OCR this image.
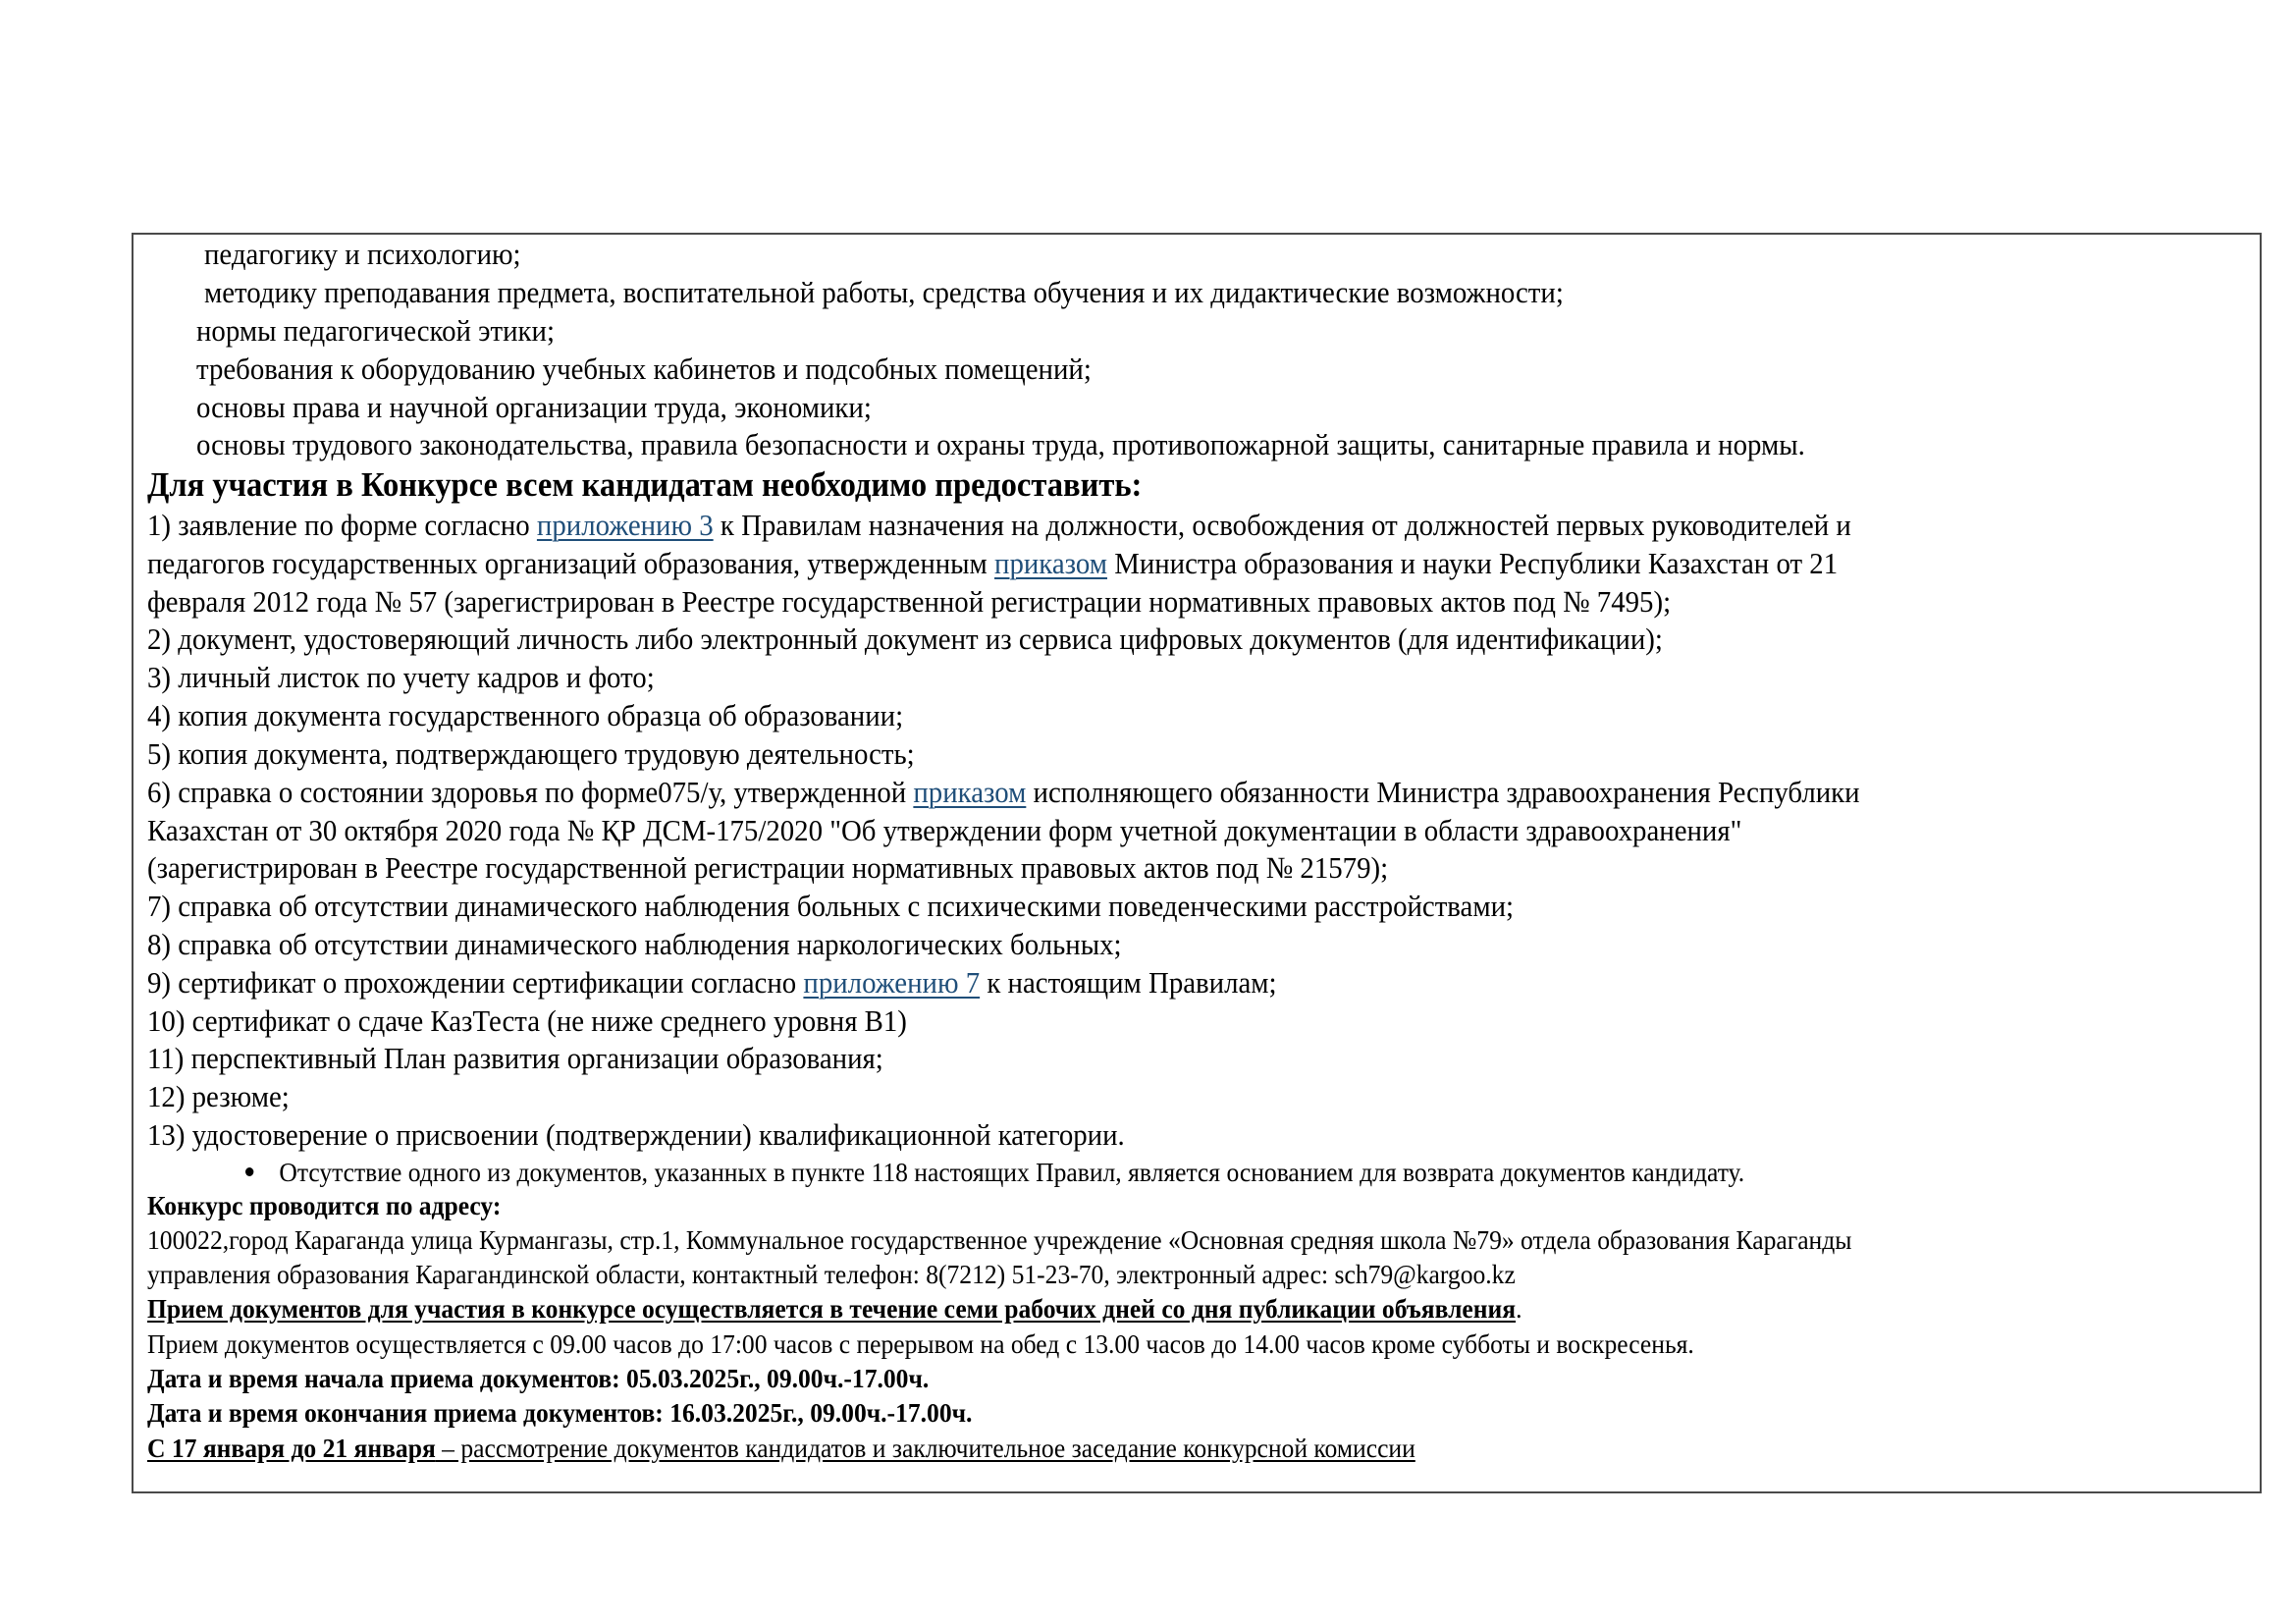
педагогику и психологию;
методику преподавания предмета, воспитательной работы, средства обучения и их дидактические возможности;
нормы педагогической этики;
требования к оборудованию учебных кабинетов и подсобных помещений;
основы права и научной организации труда, экономики;
основы трудового законодательства, правила безопасности и охраны труда, противопожарной защиты, санитарные правила и нормы.
Для участия в Конкурсе всем кандидатам необходимо предоставить:
1) заявление по форме согласно приложению 3 к Правилам назначения на должности, освобождения от должностей первых руководителей и
педагогов государственных организаций образования, утвержденным приказом Министра образования и науки Республики Казахстан от 21
февраля 2012 года № 57 (зарегистрирован в Реестре государственной регистрации нормативных правовых актов под № 7495);
2) документ, удостоверяющий личность либо электронный документ из сервиса цифровых документов (для идентификации);
3) личный листок по учету кадров и фото;
4) копия документа государственного образца об образовании;
5) копия документа, подтверждающего трудовую деятельность;
6) справка о состоянии здоровья по форме075/у, утвержденной приказом исполняющего обязанности Министра здравоохранения Республики
Казахстан от 30 октября 2020 года № ҚР ДСМ-175/2020 "Об утверждении форм учетной документации в области здравоохранения"
(зарегистрирован в Реестре государственной регистрации нормативных правовых актов под № 21579);
7) справка об отсутствии динамического наблюдения больных с психическими поведенческими расстройствами;
8) справка об отсутствии динамического наблюдения наркологических больных;
9) сертификат о прохождении сертификации согласно приложению 7 к настоящим Правилам;
10) сертификат о сдаче КазТеста (не ниже среднего уровня В1)
11) перспективный План развития организации образования;
12) резюме;
13) удостоверение о присвоении (подтверждении) квалификационной категории.
Отсутствие одного из документов, указанных в пункте 118 настоящих Правил, является основанием для возврата документов кандидату.
Конкурс проводится по адресу:
100022,город Караганда улица Курмангазы, стр.1, Коммунальное государственное учреждение «Основная средняя школа №79» отдела образования Караганды
управления образования Карагандинской области, контактный телефон: 8(7212) 51-23-70, электронный адрес: sch79@kargoo.kz
Прием документов для участия в конкурсе осуществляется в течение семи рабочих дней со дня публикации объявления.
Прием документов осуществляется с 09.00 часов до 17:00 часов с перерывом на обед с 13.00 часов до 14.00 часов кроме субботы и воскресенья.
Дата и время начала приема документов: 05.03.2025г., 09.00ч.-17.00ч.
Дата и время окончания приема документов: 16.03.2025г., 09.00ч.-17.00ч.
С 17 января до 21 января – рассмотрение документов кандидатов и заключительное заседание конкурсной комиссии
